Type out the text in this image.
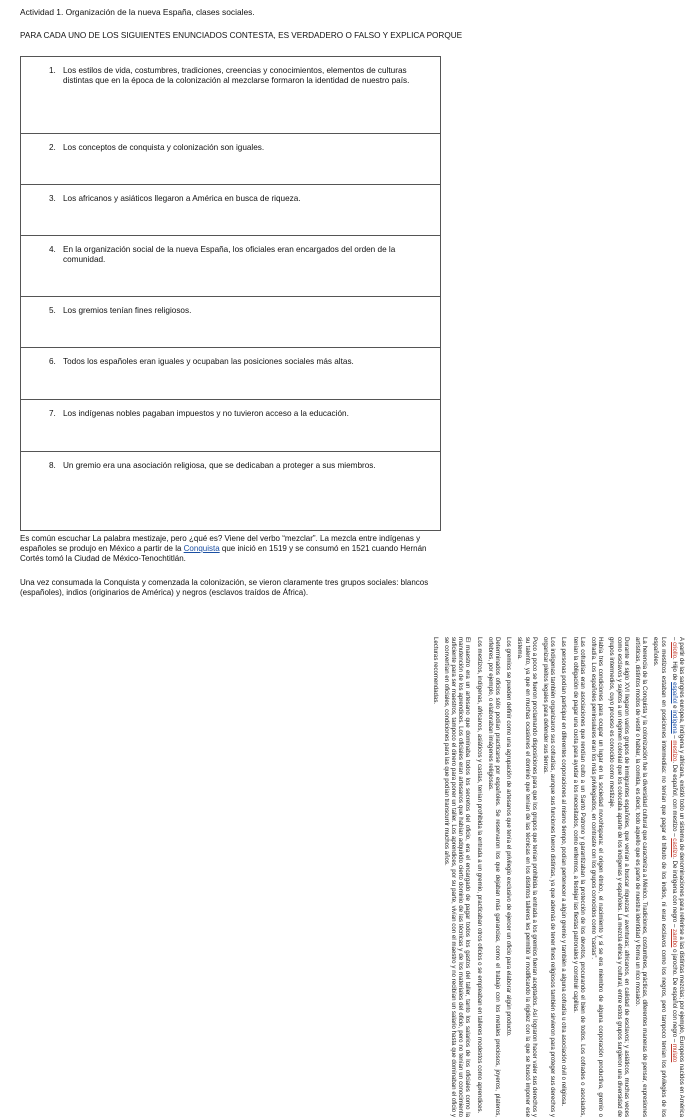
Actividad 1. Organización de la nueva España, clases sociales.
PARA CADA UNO DE LOS SIGUIENTES ENUNCIADOS CONTESTA, ES VERDADERO O FALSO Y EXPLICA PORQUE
1. Los estilos de vida, costumbres, tradiciones, creencias y conocimientos, elementos de culturas distintas que en la época de la colonización al mezclarse formaron la identidad de nuestro país.
2. Los conceptos de conquista y colonización son iguales.
3. Los africanos y asiáticos llegaron a América en busca de riqueza.
4. En la organización social de la nueva España, los oficiales eran encargados del orden de la comunidad.
5. Los gremios tenían fines religiosos.
6. Todos los españoles eran iguales y ocupaban las posiciones sociales más altas.
7. Los indígenas nobles pagaban impuestos y no tuvieron acceso a la educación.
8. Un gremio era una asociación religiosa, que se dedicaban a proteger a sus miembros.
Es común escuchar La palabra mestizaje, pero ¿qué es? Viene del verbo “mezclar”. La mezcla entre indígenas y españoles se produjo en México a partir de la Conquista que inició en 1519 y se consumó en 1521 cuando Hernán Cortés tomó la Ciudad de México-Tenochtitlán.
Una vez consumada la Conquista y comenzada la colonización, se vieron claramente tres grupos sociales: blancos (españoles), indios (originarios de América) y negros (esclavos traídos de África).

A partir de las sangres europea, indígena y africana, existió todo un sistema de denominaciones para referirse a las distintas mezclas; por ejemplo, Europeos nacidos en América – criollo. Hijo de español e indígena – mestizo. De español, con mestizo – castizo. De indígena con negro – zambo o jarocho. De español con negro – mulato

Los mestizos estaban en posiciones intermedias: no tenían que pagar el tributo de los indios, ni eran esclavos como los negros, pero tampoco tenían los privilegios de los españoles.

La herencia de la Conquista y la colonización fue la diversidad cultural que caracteriza a México. Tradiciones, costumbres, prácticas, diferentes maneras de pensar, expresiones artísticas, distintos modos de vestir o hablar, la comida, es decir, todo aquello que es parte de nuestra identidad y forma un rico mosaico.

Durante el siglo XVI llegaron varios grupos de inmigrantes españoles, que venían a buscar riquezas y aventuras; africanos, en calidad de esclavos; y asiáticos, muchas veces como esclavos y sujetos a un régimen colonial que los colocaba aparte de los indígenas y españoles. La mezcla étnica y cultural, entre estos grupos surgieron una diversidad de grupos intermedios, cuyo proceso es conocido como mestizaje.

Había tres condiciones para ocupar un lugar en la sociedad novohispana: el origen étnico, el nacimiento y si se era miembro de alguna corporación productiva, gremio o cofradía. Los españoles peninsulares eran los más privilegiados, en contraste con los grupos conocidos como “castas”.

Las cofradías eran asociaciones que rendían culto a un Santo Patrono y garantizaban la protección de los devotos, procurando el bien de todos. Los cofrades o asociados, tenían la obligación de pagar una cuota para ayudar a los necesitados, como enfermos, a festejar las fiestas patronales y construir capillas.

Las personas podían participar en diferentes corporaciones al mismo tiempo, podían pertenecer a algún gremio y también a alguna cofradía u otra asociación civil o religiosa.

Los indígenas también organizaron sus cofradías, aunque sus funciones fueron distintas, ya que además de tener fines religiosos también sirvieron para proteger sus derechos y organizar pleitos legales para defender sus tierras.

Poco a poco se fueron proclamando disposiciones para que los grupos que tenían prohibida la entrada a los gremios fueran aceptados. Así lograron hacer valer sus derechos y su talento, ya que en muchas ocasiones el dominio que tenían de las técnicas en los distintos talleres les permitió ir modificando la rigidez con la que se buscó imponer ese sistema.

Los gremios se pueden definir como una agrupación de artesanos que tenía el privilegio exclusivo de ejercer un oficio para elaborar algún producto.

Determinados oficios sólo podían practicarse por españoles. Se reservaron los que dejaban más ganancias, como el trabajo con los metales preciosos, joyeros, plateros, orfebres, por ejemplo, o elaboraban imágenes religiosas.

Los mestizos, indígenas, africanos, asiáticos y castas, tenían prohibida la entrada a un gremio, practicaban otros oficios o se empleaban en talleres modestos como aprendices.

El maestro era un artesano que dominaba todos los secretos del oficio, era el encargado de pagar todos los gastos del taller, tanto los salarios de los oficiales como la manutención de los aprendices. Los oficiales eran artesanos que habían adquirido cierto dominio de las técnicas y de los materiales del oficio, pero no tenían un conocimiento suficiente para ser maestros, tampoco el dinero para poner un taller. Los aprendices, por su parte, vivían con el maestro y no recibían un salario hasta que dominaban el oficio y se convertían en oficiales, condiciones para las que podían transcurrir muchos años.

Lecturas recomendadas.
